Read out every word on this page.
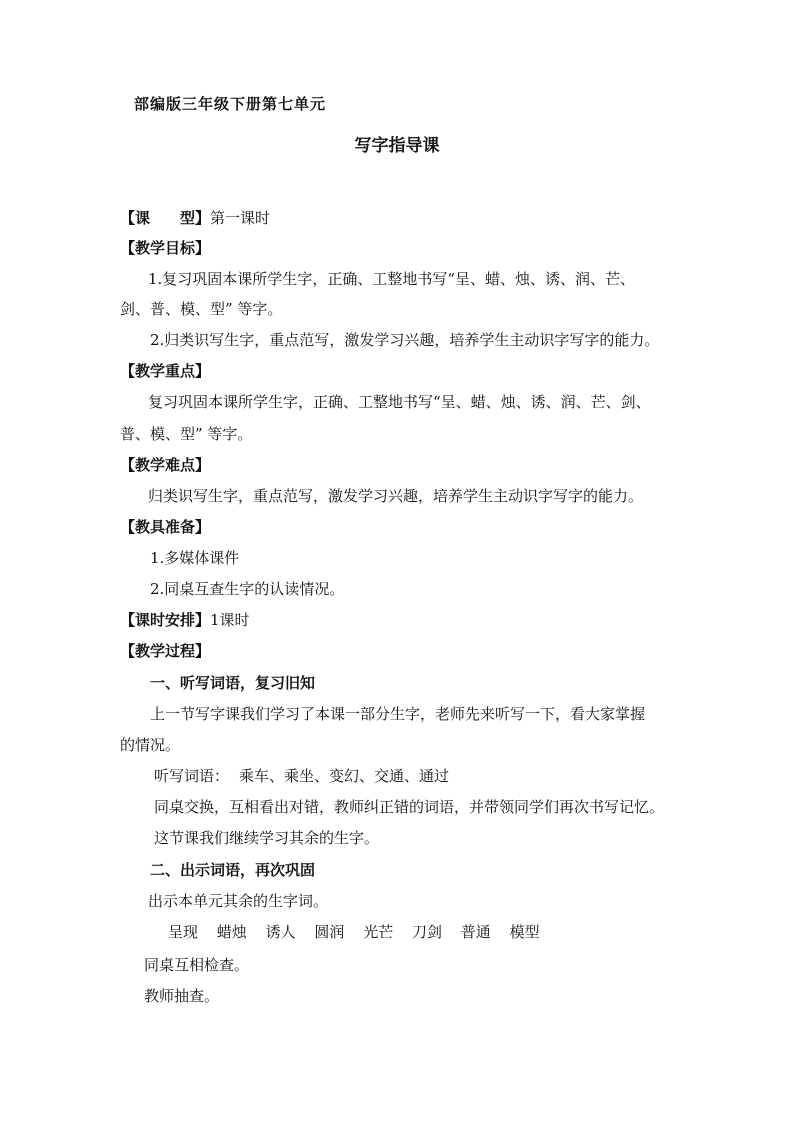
部编版三年级下册第七单元
写字指导课
【课　　型】第一课时
【教学目标】
1.复习巩固本课所学生字，正确、工整地书写“呈、蜡、烛、诱、润、芒、
剑、普、模、型” 等字。
2.归类识写生字，重点范写，激发学习兴趣，培养学生主动识字写字的能力。
【教学重点】
复习巩固本课所学生字，正确、工整地书写“呈、蜡、烛、诱、润、芒、剑、
普、模、型” 等字。
【教学难点】
归类识写生字，重点范写，激发学习兴趣，培养学生主动识字写字的能力。
【教具准备】
1.多媒体课件
2.同桌互查生字的认读情况。
【课时安排】1课时
【教学过程】
一、听写词语，复习旧知
上一节写字课我们学习了本课一部分生字，老师先来听写一下，看大家掌握
的情况。
听写词语： 乘车、乘坐、变幻、交通、通过
同桌交换，互相看出对错，教师纠正错的词语，并带领同学们再次书写记忆。
这节课我们继续学习其余的生字。
二、出示词语，再次巩固
出示本单元其余的生字词。
呈现 蜡烛 诱人 圆润 光芒 刀剑 普通 模型
同桌互相检查。
教师抽查。
